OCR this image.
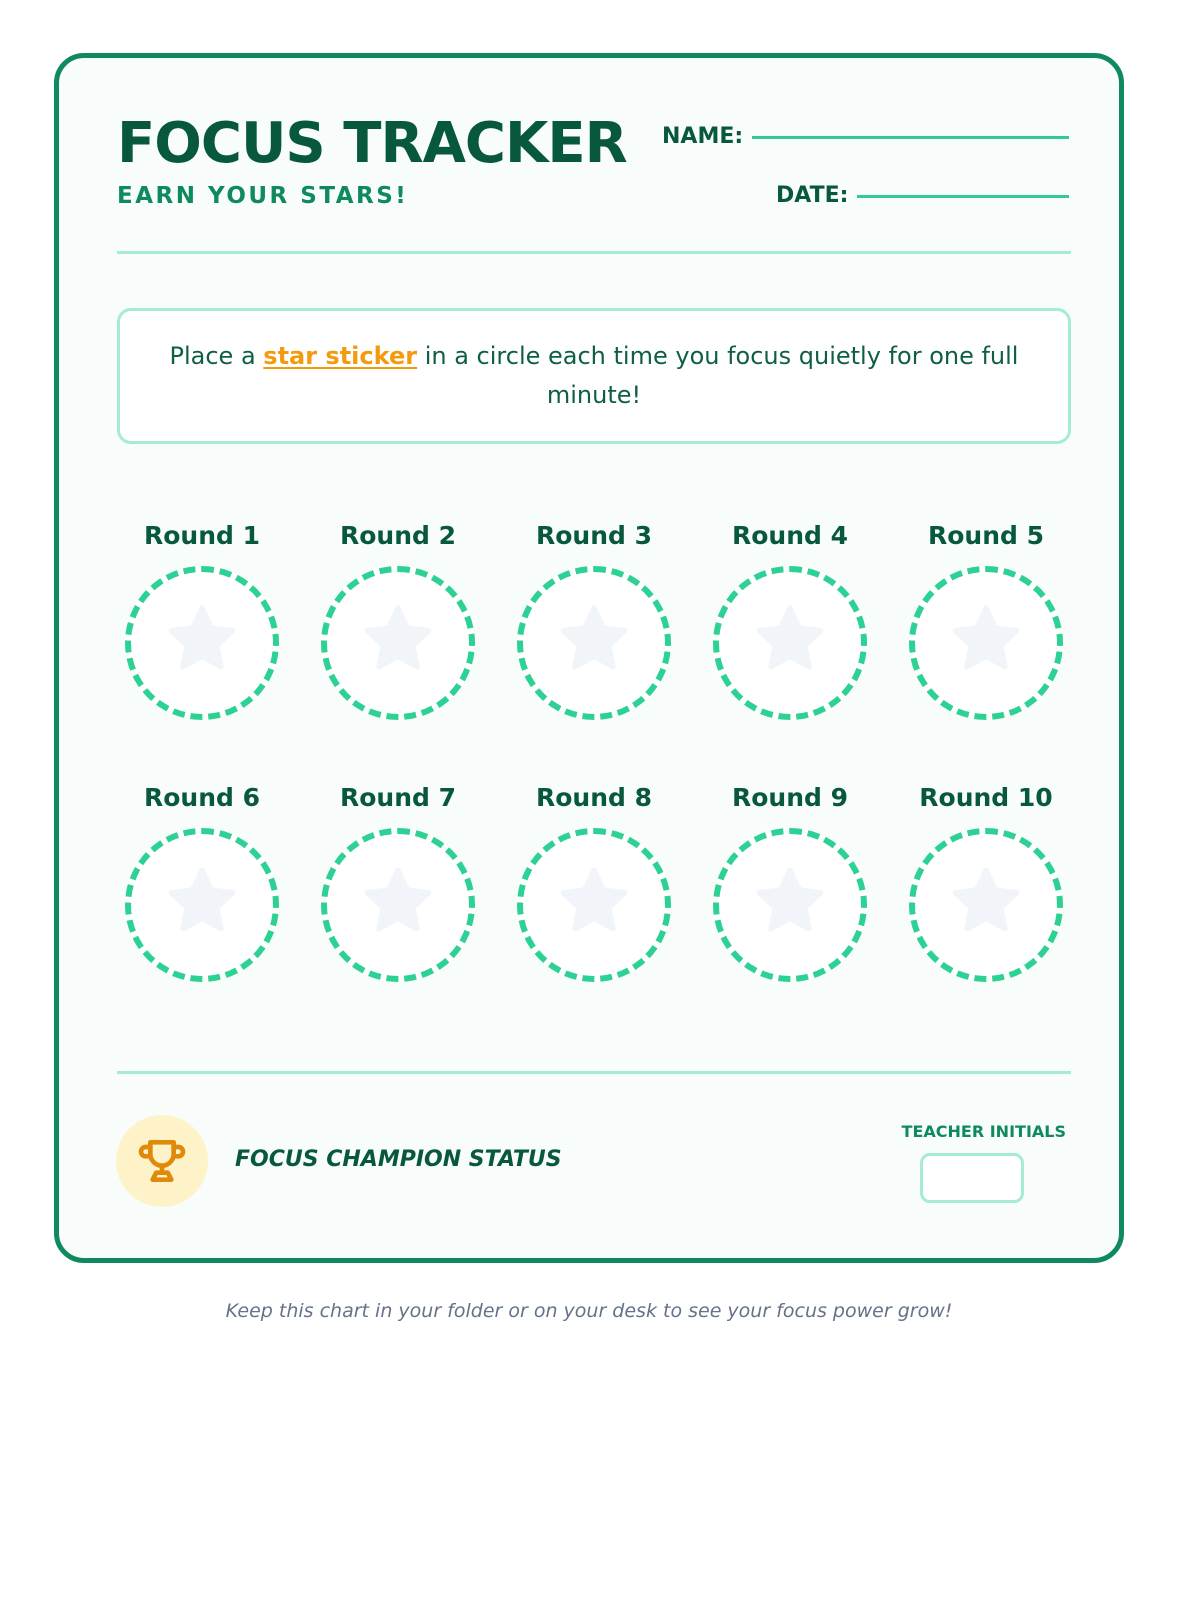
FOCUS TRACKER
EARN YOUR STARS!
NAME:
DATE:
Place a star sticker in a circle each time you focus quietly for one full minute!
Round 1	Round 2	Round 3	Round 4	Round 5
Round 6	Round 7	Round 8	Round 9	Round 10
FOCUS CHAMPION STATUS
TEACHER INITIALS
Keep this chart in your folder or on your desk to see your focus power grow!
